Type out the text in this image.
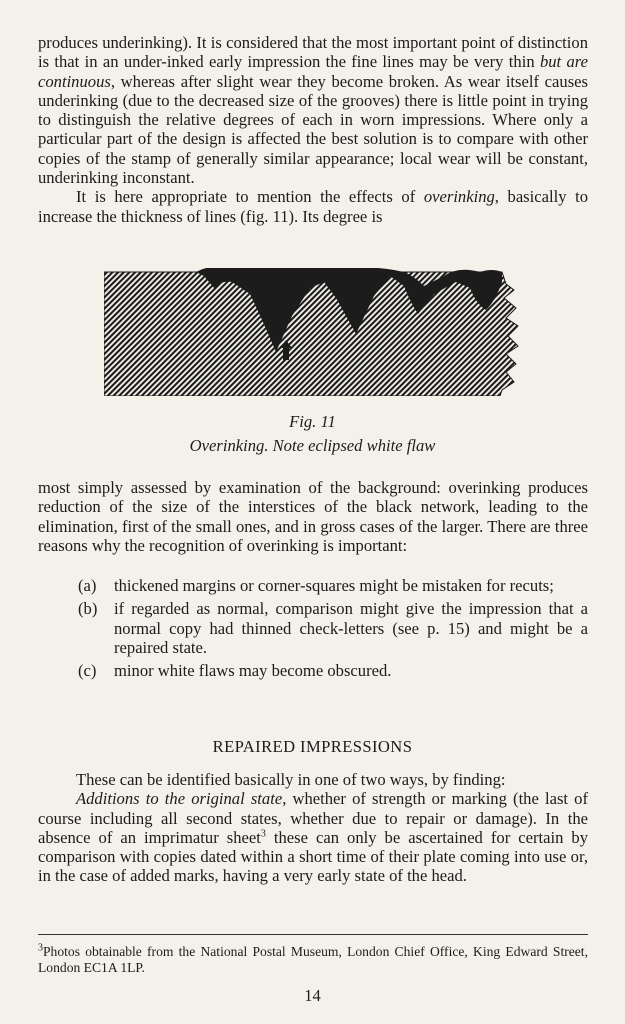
produces underinking). It is considered that the most important point of distinction is that in an under-inked early impression the fine lines may be very thin but are continuous, whereas after slight wear they become broken. As wear itself causes underinking (due to the decreased size of the grooves) there is little point in trying to distinguish the relative degrees of each in worn impressions. Where only a particular part of the design is affected the best solution is to compare with other copies of the stamp of generally similar appearance; local wear will be constant, underinking inconstant.

It is here appropriate to mention the effects of overinking, basically to increase the thickness of lines (fig. 11). Its degree is

Fig. 11
Overinking. Note eclipsed white flaw
most simply assessed by examination of the background: overinking produces reduction of the size of the interstices of the black network, leading to the elimination, first of the small ones, and in gross cases of the larger. There are three reasons why the recognition of overinking is important:
(a)	thickened margins or corner-squares might be mistaken for recuts;
(b)	if regarded as normal, comparison might give the impression that a normal copy had thinned check-letters (see p. 15) and might be a repaired state.
(c)	minor white flaws may become obscured.
REPAIRED IMPRESSIONS

These can be identified basically in one of two ways, by finding:

Additions to the original state, whether of strength or marking (the last of course including all second states, whether due to repair or damage). In the absence of an imprimatur sheet$^3$ these can only be ascertained for certain by comparison with copies dated within a short time of their plate coming into use or, in the case of added marks, having a very early state of the head.

$^3$Photos obtainable from the National Postal Museum, London Chief Office, King Edward Street, London EC1A 1LP.
14
